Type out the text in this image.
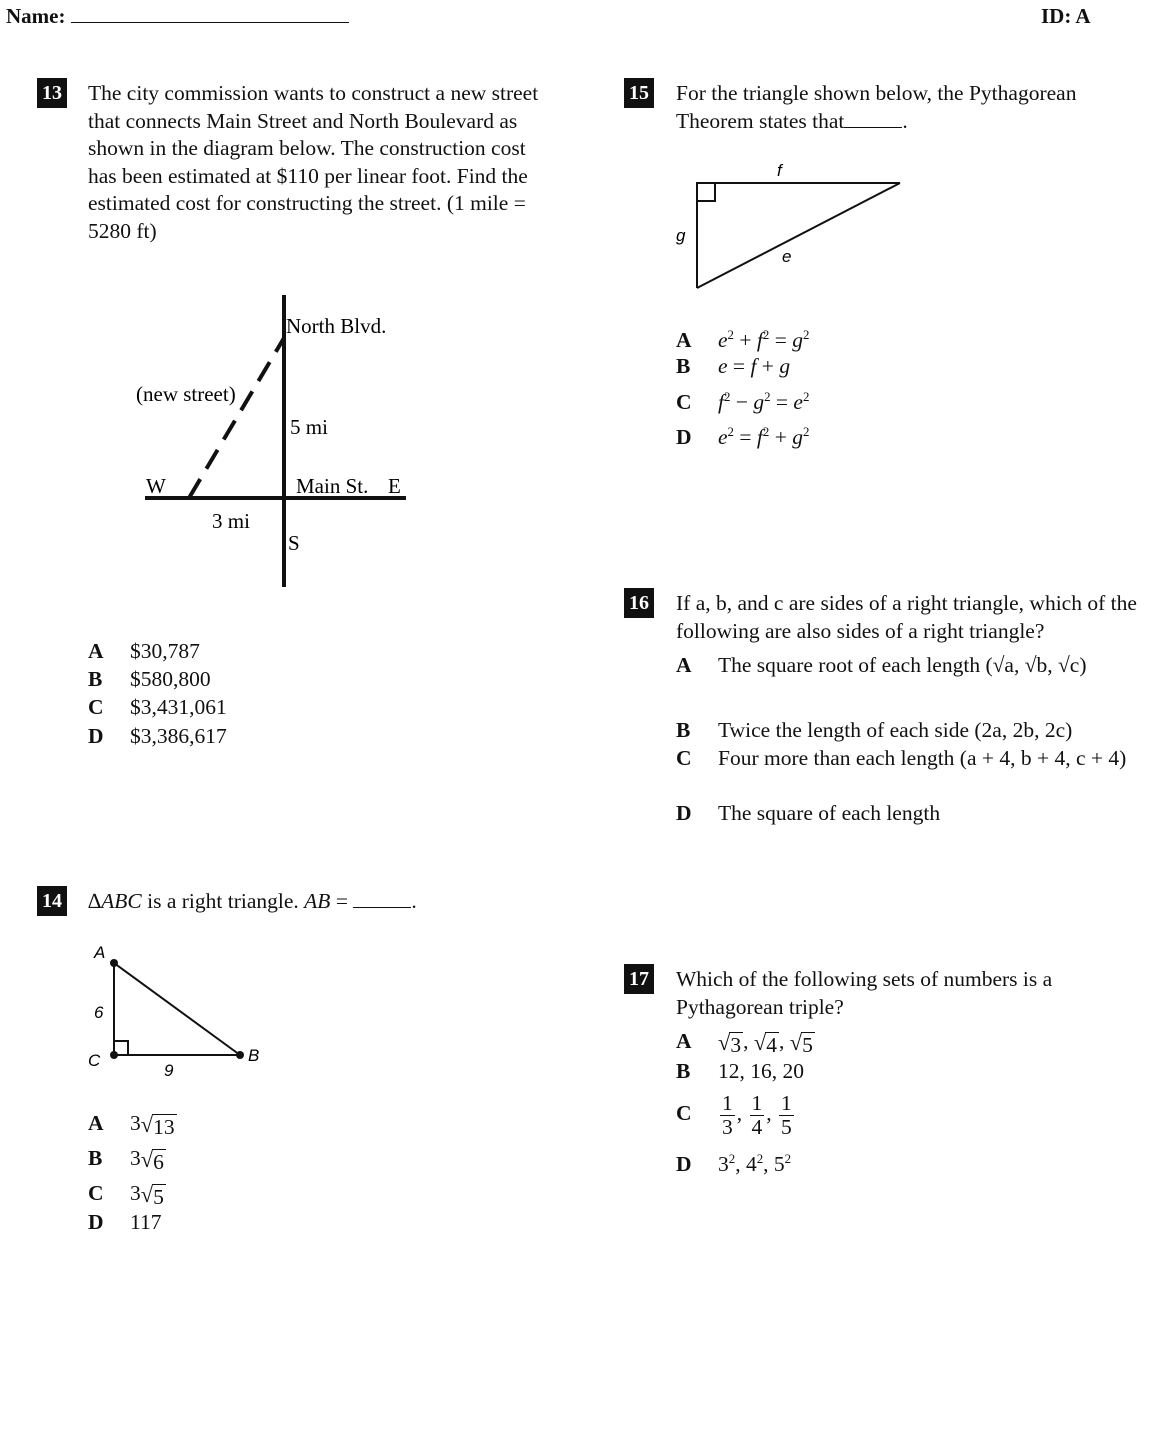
Name:	ID: A
13 The city commission wants to construct a new street that connects Main Street and North Boulevard as shown in the diagram below. The construction cost has been estimated at $110 per linear foot. Find the estimated cost for constructing the street. (1 mile = 5280 ft)
North Blvd.
(new street)
5 mi
W	Main St. E
3 mi
S
A $30,787
B $580,800
C $3,431,061
D $3,386,617
14 ∆ABC is a right triangle. AB =	.
A
C	B
6
9
A 3 √ 13
B 3 √ 6
C 3 √ 5
D 117
15 For the triangle shown below, the Pythagorean Theorem states that	.
f
g
e
A $e^2 + f^2 = g^2$
B e = f + g
C $f^2 - g^2 = e^2$
D $e^2 = f^2 + g^2$
16 If a, b, and c are sides of a right triangle, which of the following are also sides of a right triangle?
A The square root of each length (√a, √b, √c)
B Twice the length of each side (2a, 2b, 2c)
C Four more than each length (a + 4, b + 4, c + 4)
D The square of each length
17 Which of the following sets of numbers is a Pythagorean triple?
A √ 3 , √ 4 , √ 5
B 12, 16, 20
C $\frac{1}{3}$ , $\frac{1}{4}$ , $\frac{1}{5}$
D $3^2$, $4^2$, $5^2$
